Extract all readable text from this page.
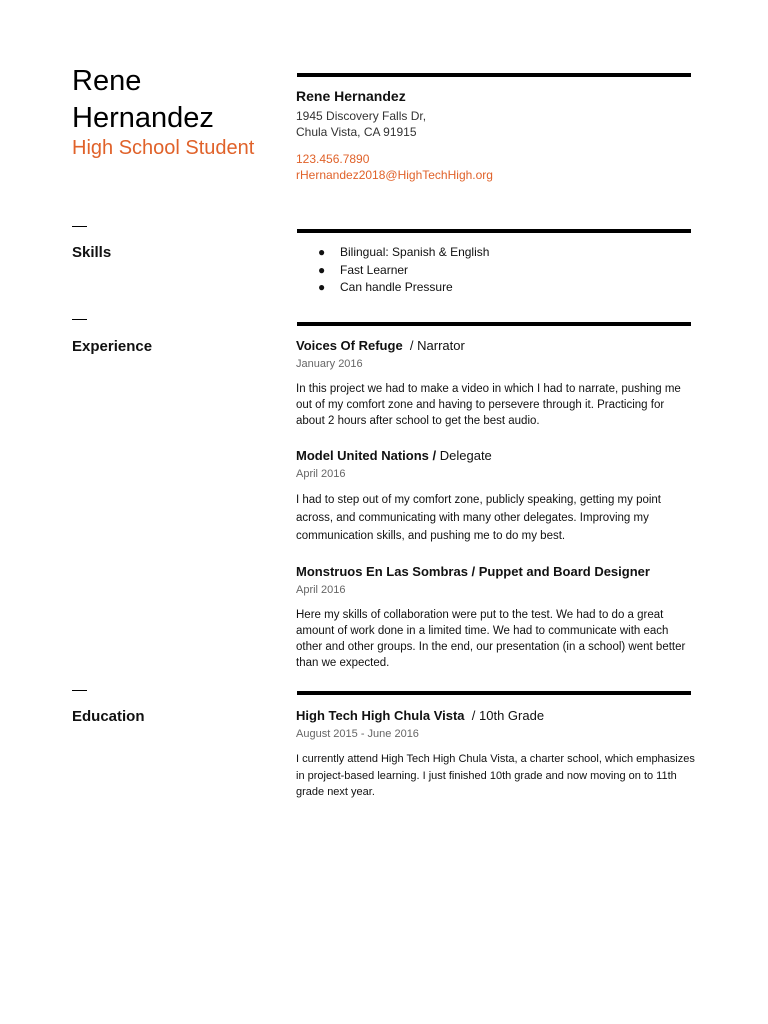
Rene
Hernandez
High School Student
Rene Hernandez
1945 Discovery Falls Dr,
Chula Vista, CA 91915
123.456.7890
rHernandez2018@HighTechHigh.org
Skills	● Bilingual: Spanish & English
● Fast Learner
● Can handle Pressure
Experience	Voices Of Refuge  / Narrator
January 2016
In this project we had to make a video in which I had to narrate, pushing me out of my comfort zone and having to persevere through it. Practicing for about 2 hours after school to get the best audio.
Model United Nations / Delegate
April 2016
I had to step out of my comfort zone, publicly speaking, getting my point across, and communicating with many other delegates. Improving my communication skills, and pushing me to do my best.
Monstruos En Las Sombras / Puppet and Board Designer
April 2016
Here my skills of collaboration were put to the test. We had to do a great amount of work done in a limited time. We had to communicate with each other and other groups. In the end, our presentation (in a school) went better than we expected.
Education	High Tech High Chula Vista  / 10th Grade
August 2015 - June 2016
I currently attend High Tech High Chula Vista, a charter school, which emphasizes in project-based learning. I just finished 10th grade and now moving on to 11th grade next year.
